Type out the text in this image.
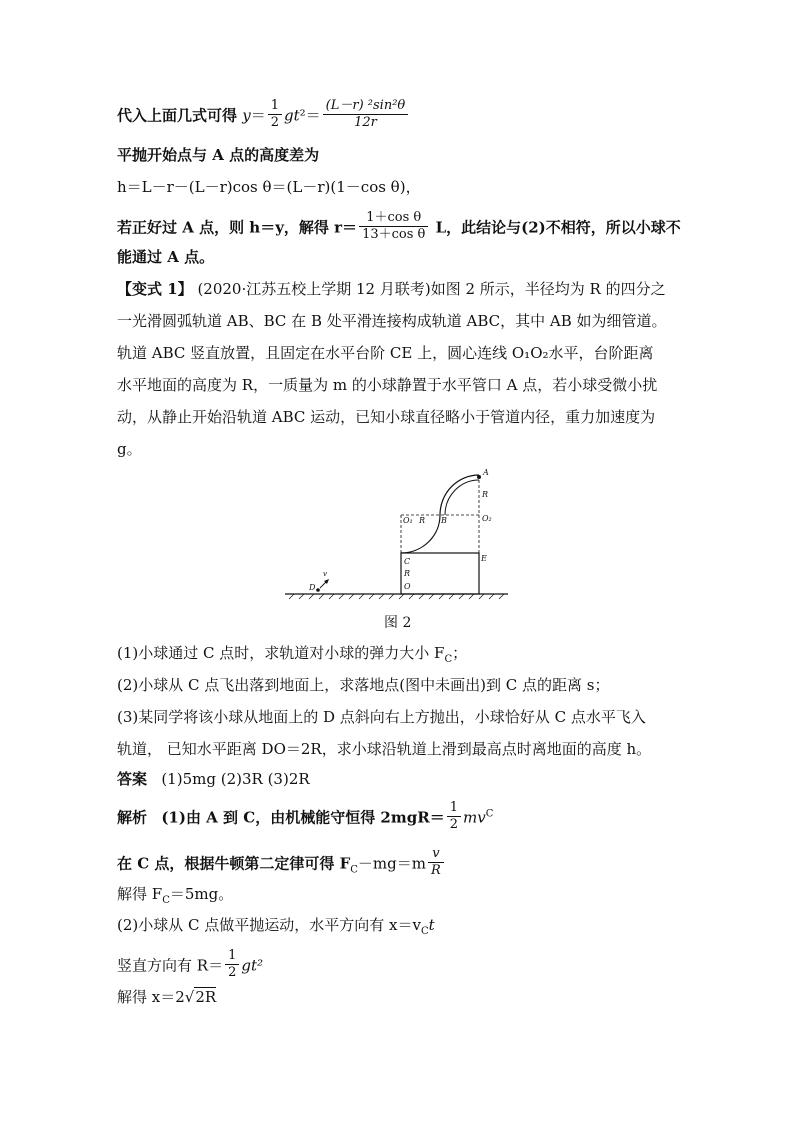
代入上面几式可得 $y= \frac{1}{2} gt^2= \frac{\text{(L－r) ²sin²θ}}{12r}$
平抛开始点与 A 点的高度差为
h＝L－r－(L－r)cos θ＝(L－r)(1－cos θ)，
若正好过 A 点，则 h＝y，解得 $r= \frac{\text{1＋cos θ}}{\text{13＋cos θ}}$ L，此结论与(2)不相符，所以小球不
能通过 A 点。
【变式 1】 (2020·江苏五校上学期 12 月联考)如图 2 所示，半径均为 R 的四分之
一光滑圆弧轨道 AB、BC 在 B 处平滑连接构成轨道 ABC，其中 AB 如为细管道。
轨道 ABC 竖直放置，且固定在水平台阶 CE 上，圆心连线 O₁O₂水平，台阶距离
水平地面的高度为 R，一质量为 m 的小球静置于水平管口 A 点，若小球受微小扰
动，从静止开始沿轨道 ABC 运动，已知小球直径略小于管道内径，重力加速度为
g。
A
R
O₂
O₁ R B
C
R
O
E
D
v
图 2
(1)小球通过 C 点时，求轨道对小球的弹力大小 $F_C$；
(2)小球从 C 点飞出落到地面上，求落地点(图中未画出)到 C 点的距离 s；
(3)某同学将该小球从地面上的 D 点斜向右上方抛出，小球恰好从 C 点水平飞入
轨道， 已知水平距离 DO＝2R，求小球沿轨道上滑到最高点时离地面的高度 h。
答案 (1)5mg (2)3R (3)2R
解析 (1)由 A 到 C，由机械能守恒得 $2mgR= \frac{1}{2} mv^C$
在 C 点，根据牛顿第二定律可得 $F_C-mg=m \frac{v}{R}$
解得 $F_C=5mg$。
(2)小球从 C 点做平抛运动，水平方向有 $x=v_Ct$
竖直方向有 $R= \frac{1}{2} gt^2$
解得 x＝2√2R
